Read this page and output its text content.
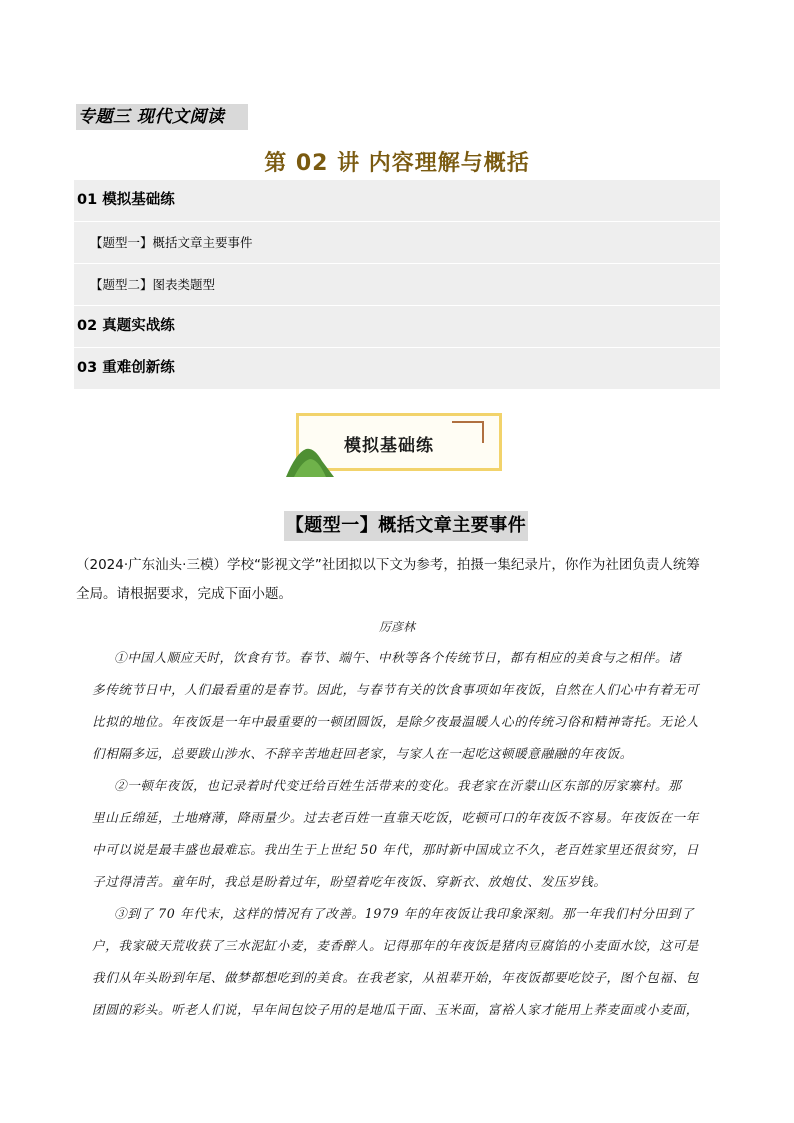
专题三 现代文阅读
第 02 讲 内容理解与概括
01 模拟基础练
【题型一】概括文章主要事件
【题型二】图表类题型
02 真题实战练
03 重难创新练
模拟基础练
【题型一】概括文章主要事件
（2024·广东汕头·三模）学校“影视文学”社团拟以下文为参考，拍摄一集纪录片，你作为社团负责人统筹
全局。请根据要求，完成下面小题。
厉彦林

①中国人顺应天时，饮食有节。春节、端午、中秋等各个传统节日，都有相应的美食与之相伴。诸
多传统节日中，人们最看重的是春节。因此，与春节有关的饮食事项如年夜饭，自然在人们心中有着无可
比拟的地位。年夜饭是一年中最重要的一顿团圆饭，是除夕夜最温暖人心的传统习俗和精神寄托。无论人
们相隔多远，总要跋山涉水、不辞辛苦地赶回老家，与家人在一起吃这顿暖意融融的年夜饭。

②一顿年夜饭，也记录着时代变迁给百姓生活带来的变化。我老家在沂蒙山区东部的厉家寨村。那
里山丘绵延，土地瘠薄，降雨量少。过去老百姓一直靠天吃饭，吃顿可口的年夜饭不容易。年夜饭在一年
中可以说是最丰盛也最难忘。我出生于上世纪 50 年代，那时新中国成立不久，老百姓家里还很贫穷，日
子过得清苦。童年时，我总是盼着过年，盼望着吃年夜饭、穿新衣、放炮仗、发压岁钱。

③到了 70 年代末，这样的情况有了改善。1979 年的年夜饭让我印象深刻。那一年我们村分田到了
户，我家破天荒收获了三水泥缸小麦，麦香醉人。记得那年的年夜饭是猪肉豆腐馅的小麦面水饺，这可是
我们从年头盼到年尾、做梦都想吃到的美食。在我老家，从祖辈开始，年夜饭都要吃饺子，图个包福、包
团圆的彩头。听老人们说，早年间包饺子用的是地瓜干面、玉米面，富裕人家才能用上荞麦面或小麦面，
